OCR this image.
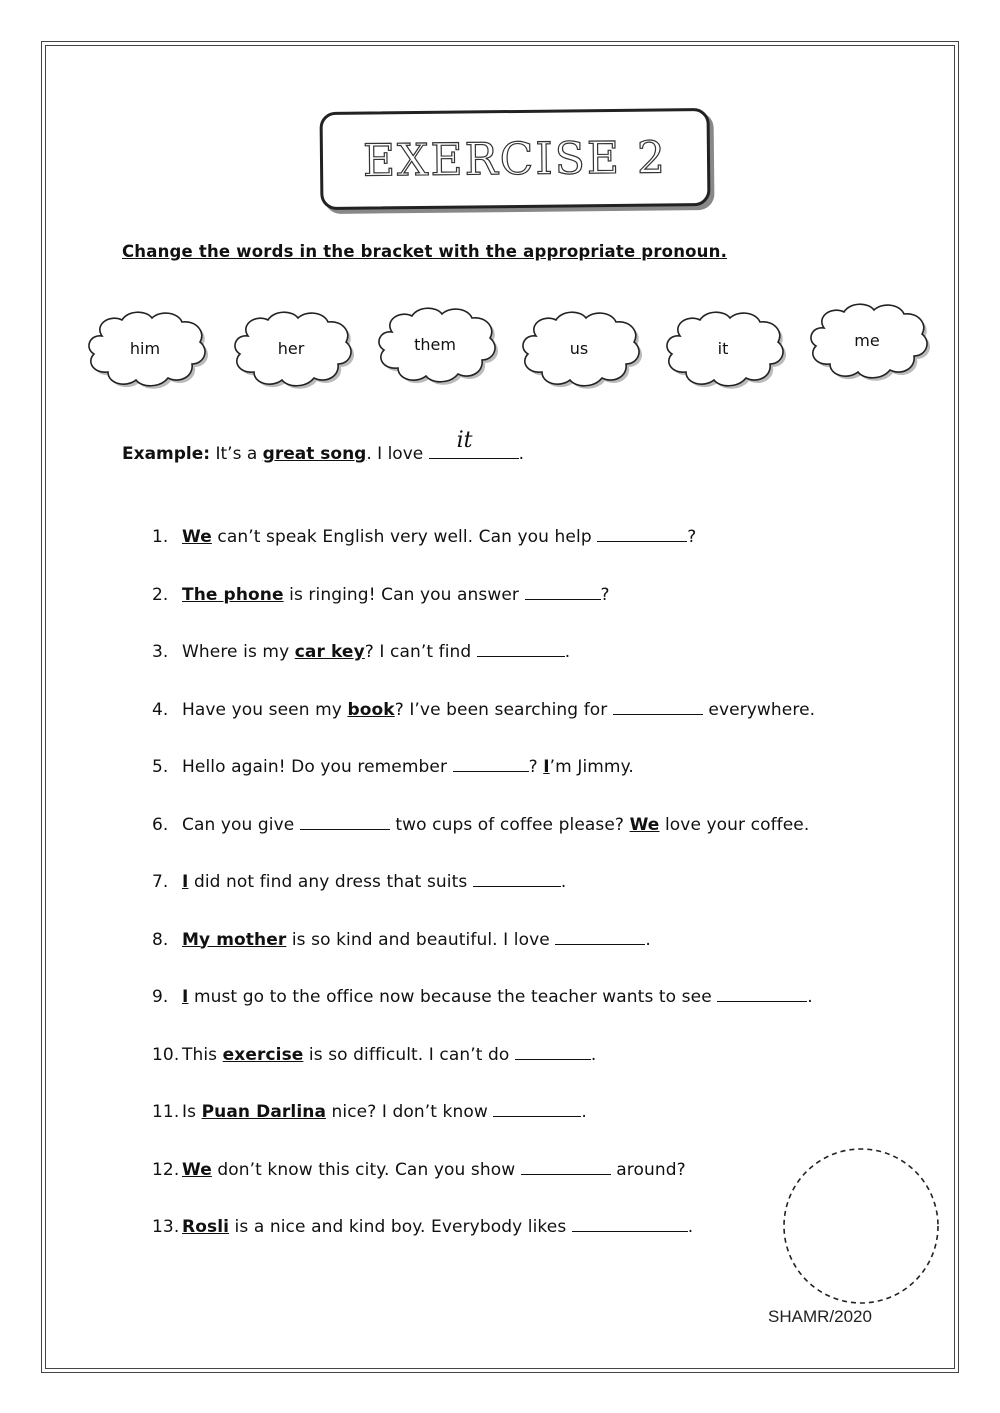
EXERCISE 2
Change the words in the bracket with the appropriate pronoun.
him	her	them	us	it	me
Example: It’s a great song. I love
it
.
1. We can’t speak English very well. Can you help	?
2. The phone is ringing! Can you answer	?
3. Where is my car key? I can’t find	.
4. Have you seen my book? I’ve been searching for	everywhere.
5. Hello again! Do you remember	? I’m Jimmy.
6. Can you give	two cups of coffee please? We love your coffee.
7. I did not find any dress that suits	.
8. My mother is so kind and beautiful. I love	.
9. I must go to the office now because the teacher wants to see	.
10. This exercise is so difficult. I can’t do	.
11. Is Puan Darlina nice? I don’t know	.
12. We don’t know this city. Can you show	around?
13. Rosli is a nice and kind boy. Everybody likes	.
SHAMR/2020
